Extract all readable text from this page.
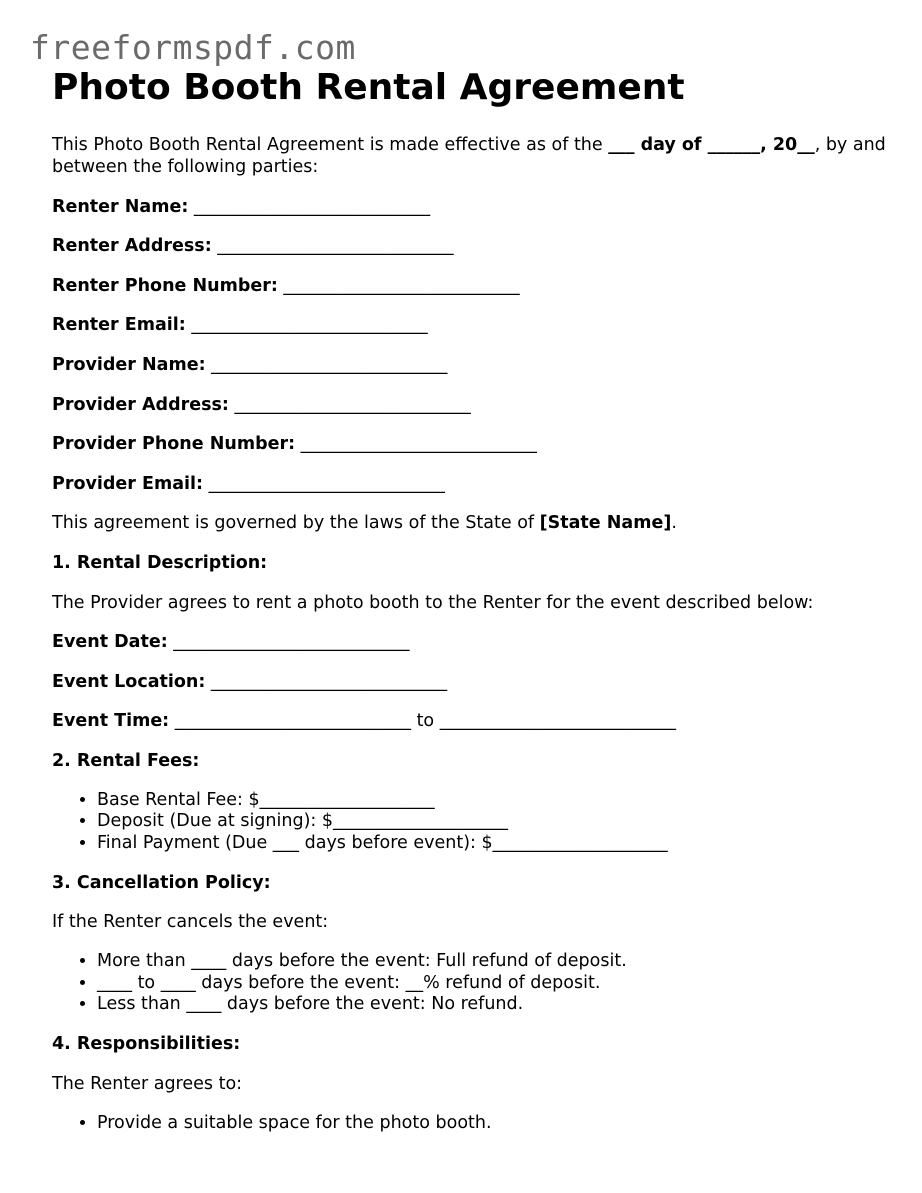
freeformspdf.com
Photo Booth Rental Agreement

This Photo Booth Rental Agreement is made effective as of the ___ day of ______, 20__, by and between the following parties:

Renter Name: ___________________________

Renter Address: ___________________________

Renter Phone Number: ___________________________

Renter Email: ___________________________

Provider Name: ___________________________

Provider Address: ___________________________

Provider Phone Number: ___________________________

Provider Email: ___________________________

This agreement is governed by the laws of the State of [State Name].

1. Rental Description:

The Provider agrees to rent a photo booth to the Renter for the event described below:

Event Date: ___________________________

Event Location: ___________________________

Event Time: ___________________________ to ___________________________

2. Rental Fees:

• Base Rental Fee: $____________________
• Deposit (Due at signing): $____________________
• Final Payment (Due ___ days before event): $____________________

3. Cancellation Policy:

If the Renter cancels the event:

• More than ____ days before the event: Full refund of deposit.
• ____ to ____ days before the event: __% refund of deposit.
• Less than ____ days before the event: No refund.

4. Responsibilities:

The Renter agrees to:

• Provide a suitable space for the photo booth.
